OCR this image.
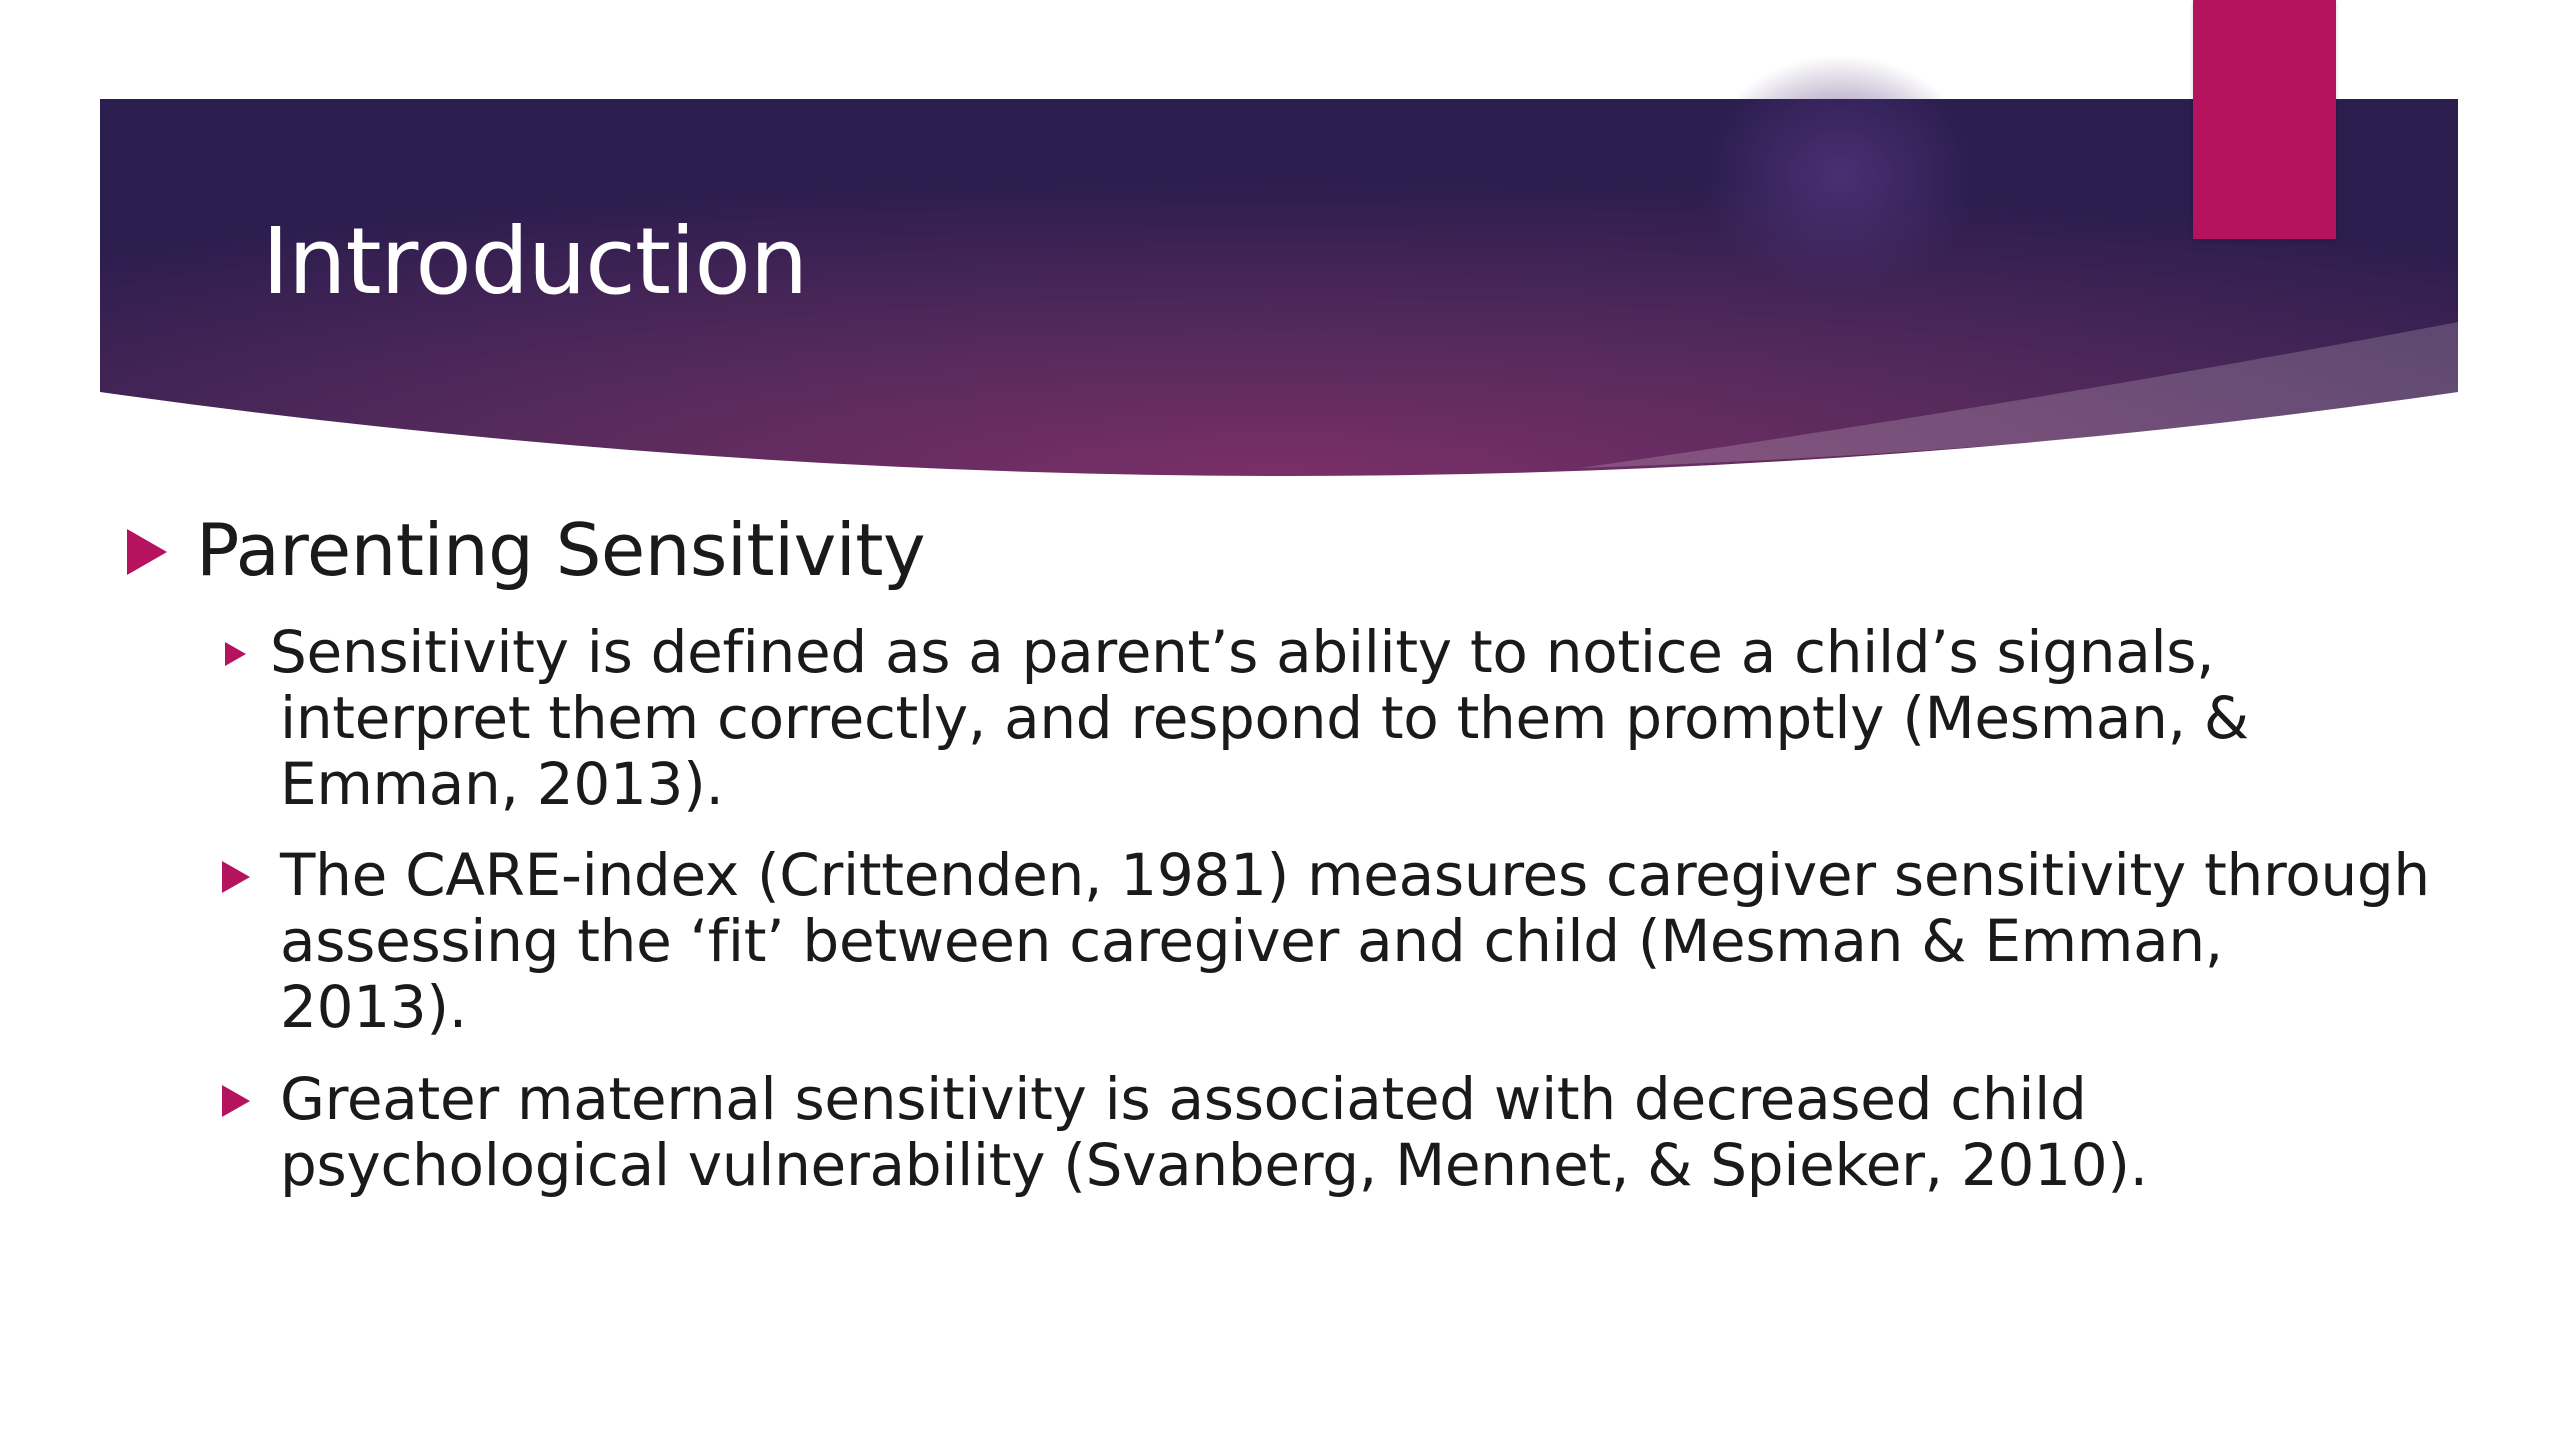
Introduction
Parenting Sensitivity
Sensitivity is defined as a parent’s ability to notice a child’s signals,
interpret them correctly, and respond to them promptly (Mesman, &
Emman, 2013).
The CARE-index (Crittenden, 1981) measures caregiver sensitivity through
assessing the ‘fit’ between caregiver and child (Mesman & Emman,
2013).
Greater maternal sensitivity is associated with decreased child
psychological vulnerability (Svanberg, Mennet, & Spieker, 2010).
